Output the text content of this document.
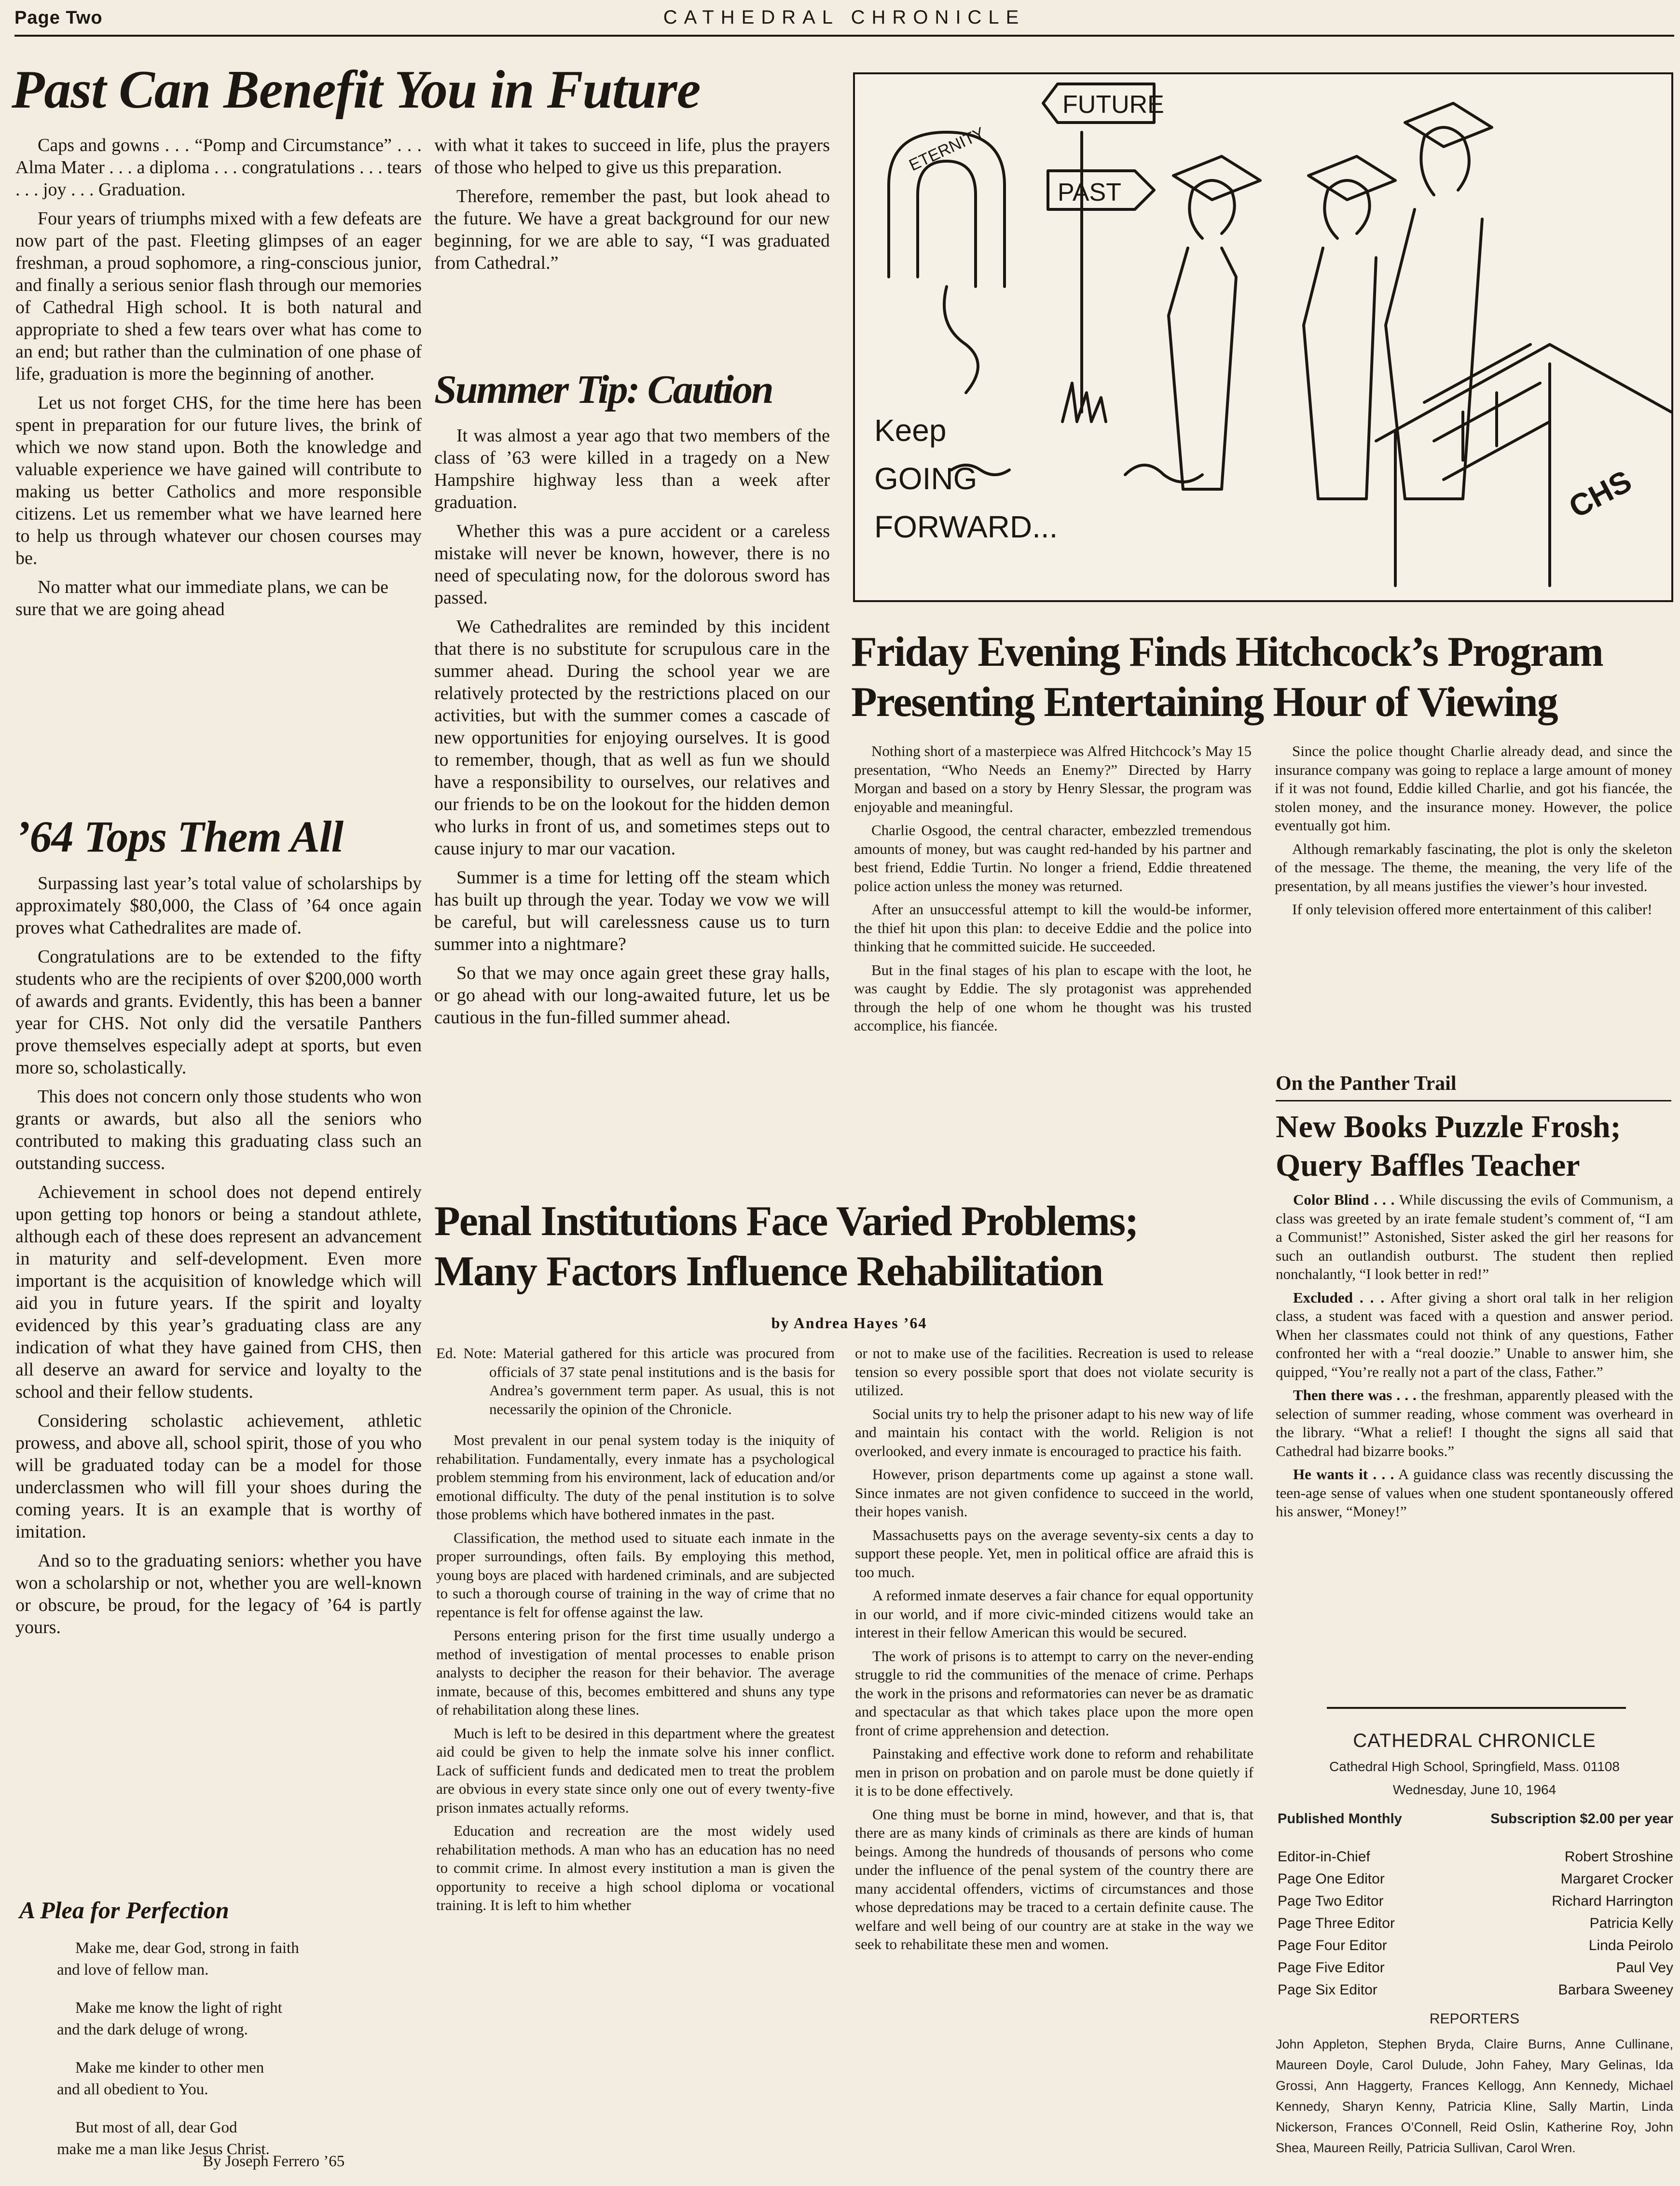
Page Two	CATHEDRAL CHRONICLE
Past Can Benefit You in Future

Caps and gowns . . . “Pomp and Circumstance” . . . Alma Mater . . . a diploma . . . congratulations . . . tears . . . joy . . . Graduation.

Four years of triumphs mixed with a few defeats are now part of the past. Fleeting glimpses of an eager freshman, a proud sophomore, a ring-conscious junior, and finally a serious senior flash through our memories of Cathedral High school. It is both natural and appropriate to shed a few tears over what has come to an end; but rather than the culmination of one phase of life, graduation is more the beginning of another.

Let us not forget CHS, for the time here has been spent in preparation for our future lives, the brink of which we now stand upon. Both the knowledge and valuable experience we have gained will contribute to making us better Catholics and more responsible citizens. Let us remember what we have learned here to help us through whatever our chosen courses may be.

No matter what our immediate plans, we can be sure that we are going ahead

with what it takes to succeed in life, plus the prayers of those who helped to give us this preparation.

Therefore, remember the past, but look ahead to the future. We have a great background for our new beginning, for we are able to say, “I was graduated from Cathedral.”

Summer Tip: Caution

It was almost a year ago that two members of the class of ’63 were killed in a tragedy on a New Hampshire highway less than a week after graduation.

Whether this was a pure accident or a careless mistake will never be known, however, there is no need of speculating now, for the dolorous sword has passed.

We Cathedralites are reminded by this incident that there is no substitute for scrupulous care in the summer ahead. During the school year we are relatively protected by the restrictions placed on our activities, but with the summer comes a cascade of new opportunities for enjoying ourselves. It is good to remember, though, that as well as fun we should have a responsibility to ourselves, our relatives and our friends to be on the lookout for the hidden demon who lurks in front of us, and sometimes steps out to cause injury to mar our vacation.

Summer is a time for letting off the steam which has built up through the year. Today we vow we will be careful, but will carelessness cause us to turn summer into a nightmare?

So that we may once again greet these gray halls, or go ahead with our long-awaited future, let us be cautious in the fun-filled summer ahead.

’64 Tops Them All

Surpassing last year’s total value of scholarships by approximately $80,000, the Class of ’64 once again proves what Cathedralites are made of.

Congratulations are to be extended to the fifty students who are the recipients of over $200,000 worth of awards and grants. Evidently, this has been a banner year for CHS. Not only did the versatile Panthers prove themselves especially adept at sports, but even more so, scholastically.

This does not concern only those students who won grants or awards, but also all the seniors who contributed to making this graduating class such an outstanding success.

Achievement in school does not depend entirely upon getting top honors or being a standout athlete, although each of these does represent an advancement in maturity and self-development. Even more important is the acquisition of knowledge which will aid you in future years. If the spirit and loyalty evidenced by this year’s graduating class are any indication of what they have gained from CHS, then all deserve an award for service and loyalty to the school and their fellow students.

Considering scholastic achievement, athletic prowess, and above all, school spirit, those of you who will be graduated today can be a model for those underclassmen who will fill your shoes during the coming years. It is an example that is worthy of imitation.

And so to the graduating seniors: whether you have won a scholarship or not, whether you are well-known or obscure, be proud, for the legacy of ’64 is partly yours.

A Plea for Perfection
Make me, dear God, strong in faith
and love of fellow man.
Make me know the light of right
and the dark deluge of wrong.
Make me kinder to other men
and all obedient to You.
But most of all, dear God
make me a man like Jesus Christ.
By Joseph Ferrero ’65
FUTURE
PAST
ETERNITY
Keep
GOING
FORWARD...
CHS
Friday Evening Finds Hitchcock’s Program
Presenting Entertaining Hour of Viewing

Nothing short of a masterpiece was Alfred Hitchcock’s May 15 presentation, “Who Needs an Enemy?” Directed by Harry Morgan and based on a story by Henry Slessar, the program was enjoyable and meaningful.

Charlie Osgood, the central character, embezzled tremendous amounts of money, but was caught red-handed by his partner and best friend, Eddie Turtin. No longer a friend, Eddie threatened police action unless the money was returned.

After an unsuccessful attempt to kill the would-be informer, the thief hit upon this plan: to deceive Eddie and the police into thinking that he committed suicide. He succeeded.

But in the final stages of his plan to escape with the loot, he was caught by Eddie. The sly protagonist was apprehended through the help of one whom he thought was his trusted accomplice, his fiancée.

Since the police thought Charlie already dead, and since the insurance company was going to replace a large amount of money if it was not found, Eddie killed Charlie, and got his fiancée, the stolen money, and the insurance money. However, the police eventually got him.

Although remarkably fascinating, the plot is only the skeleton of the message. The theme, the meaning, the very life of the presentation, by all means justifies the viewer’s hour invested.

If only television offered more entertainment of this caliber!

On the Panther Trail
New Books Puzzle Frosh;
Query Baffles Teacher

Color Blind . . . While discussing the evils of Communism, a class was greeted by an irate female student’s comment of, “I am a Communist!” Astonished, Sister asked the girl her reasons for such an outlandish outburst. The student then replied nonchalantly, “I look better in red!”

Excluded . . . After giving a short oral talk in her religion class, a student was faced with a question and answer period. When her classmates could not think of any questions, Father confronted her with a “real doozie.” Unable to answer him, she quipped, “You’re really not a part of the class, Father.”

Then there was . . . the freshman, apparently pleased with the selection of summer reading, whose comment was overheard in the library. “What a relief! I thought the signs all said that Cathedral had bizarre books.”

He wants it . . . A guidance class was recently discussing the teen-age sense of values when one student spontaneously offered his answer, “Money!”

CATHEDRAL CHRONICLE
Cathedral High School, Springfield, Mass. 01108
Wednesday, June 10, 1964
Published Monthly	Subscription $2.00 per year
Editor-in-Chief	Robert Stroshine
Page One Editor	Margaret Crocker
Page Two Editor	Richard Harrington
Page Three Editor	Patricia Kelly
Page Four Editor	Linda Peirolo
Page Five Editor	Paul Vey
Page Six Editor	Barbara Sweeney
REPORTERS
John Appleton, Stephen Bryda, Claire Burns, Anne Cullinane, Maureen Doyle, Carol Dulude, John Fahey, Mary Gelinas, Ida Grossi, Ann Haggerty, Frances Kellogg, Ann Kennedy, Michael Kennedy, Sharyn Kenny, Patricia Kline, Sally Martin, Linda Nickerson, Frances O’Connell, Reid Oslin, Katherine Roy, John Shea, Maureen Reilly, Patricia Sullivan, Carol Wren.
Penal Institutions Face Varied Problems;
Many Factors Influence Rehabilitation
by Andrea Hayes ’64

Ed. Note: Material gathered for this article was procured from officials of 37 state penal institutions and is the basis for Andrea’s government term paper. As usual, this is not necessarily the opinion of the Chronicle.

Most prevalent in our penal system today is the iniquity of rehabilitation. Fundamentally, every inmate has a psychological problem stemming from his environment, lack of education and/or emotional difficulty. The duty of the penal institution is to solve those problems which have bothered inmates in the past.

Classification, the method used to situate each inmate in the proper surroundings, often fails. By employing this method, young boys are placed with hardened criminals, and are subjected to such a thorough course of training in the way of crime that no repentance is felt for offense against the law.

Persons entering prison for the first time usually undergo a method of investigation of mental processes to enable prison analysts to decipher the reason for their behavior. The average inmate, because of this, becomes embittered and shuns any type of rehabilitation along these lines.

Much is left to be desired in this department where the greatest aid could be given to help the inmate solve his inner conflict. Lack of sufficient funds and dedicated men to treat the problem are obvious in every state since only one out of every twenty-five prison inmates actually reforms.

Education and recreation are the most widely used rehabilitation methods. A man who has an education has no need to commit crime. In almost every institution a man is given the opportunity to receive a high school diploma or vocational training. It is left to him whether

or not to make use of the facilities. Recreation is used to release tension so every possible sport that does not violate security is utilized.

Social units try to help the prisoner adapt to his new way of life and maintain his contact with the world. Religion is not overlooked, and every inmate is encouraged to practice his faith.

However, prison departments come up against a stone wall. Since inmates are not given confidence to succeed in the world, their hopes vanish.

Massachusetts pays on the average seventy-six cents a day to support these people. Yet, men in political office are afraid this is too much.

A reformed inmate deserves a fair chance for equal opportunity in our world, and if more civic-minded citizens would take an interest in their fellow American this would be secured.

The work of prisons is to attempt to carry on the never-ending struggle to rid the communities of the menace of crime. Perhaps the work in the prisons and reformatories can never be as dramatic and spectacular as that which takes place upon the more open front of crime apprehension and detection.

Painstaking and effective work done to reform and rehabilitate men in prison on probation and on parole must be done quietly if it is to be done effectively.

One thing must be borne in mind, however, and that is, that there are as many kinds of criminals as there are kinds of human beings. Among the hundreds of thousands of persons who come under the influence of the penal system of the country there are many accidental offenders, victims of circumstances and those whose depredations may be traced to a certain definite cause. The welfare and well being of our country are at stake in the way we seek to rehabilitate these men and women.
